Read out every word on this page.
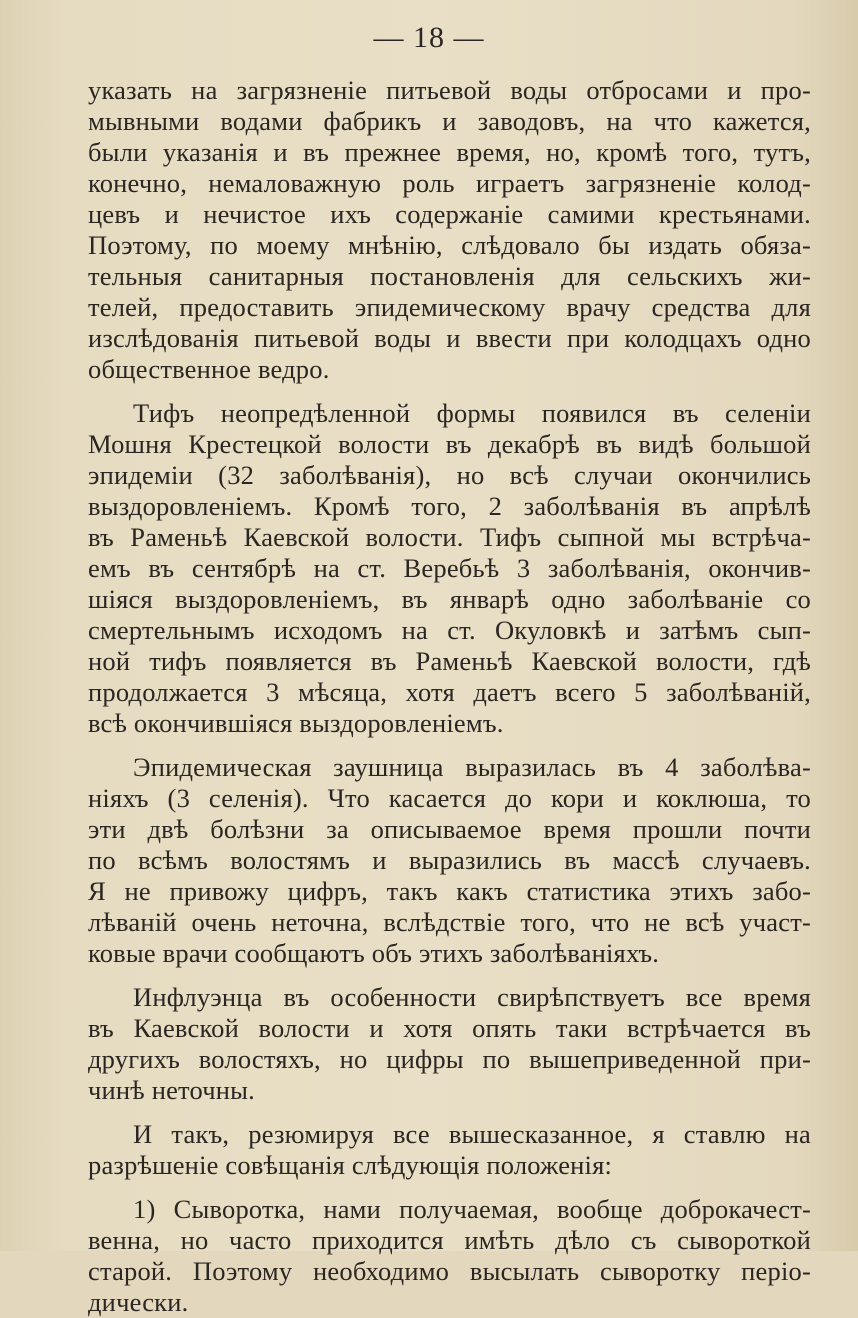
— 18 —
указать на загрязненіе питьевой воды отбросами и про-
мывными водами фабрикъ и заводовъ, на что кажется,
были указанія и въ прежнее время, но, кромѣ того, тутъ,
конечно, немаловажную роль играетъ загрязненіе колод-
цевъ и нечистое ихъ содержаніе самими крестьянами.
Поэтому, по моему мнѣнію, слѣдовало бы издать обяза-
тельныя санитарныя постановленія для сельскихъ жи-
телей, предоставить эпидемическому врачу средства для
изслѣдованія питьевой воды и ввести при колодцахъ одно
общественное ведро.
Тифъ неопредѣленной формы появился въ селеніи
Мошня Крестецкой волости въ декабрѣ въ видѣ большой
эпидеміи (32 заболѣванія), но всѣ случаи окончились
выздоровленіемъ. Кромѣ того, 2 заболѣванія въ апрѣлѣ
въ Раменьѣ Каевской волости. Тифъ сыпной мы встрѣча-
емъ въ сентябрѣ на ст. Веребьѣ 3 заболѣванія, окончив-
шіяся выздоровленіемъ, въ январѣ одно заболѣваніе со
смертельнымъ исходомъ на ст. Окуловкѣ и затѣмъ сып-
ной тифъ появляется въ Раменьѣ Каевской волости, гдѣ
продолжается 3 мѣсяца, хотя даетъ всего 5 заболѣваній,
всѣ окончившіяся выздоровленіемъ.
Эпидемическая заушница выразилась въ 4 заболѣва-
ніяхъ (3 селенія). Что касается до кори и коклюша, то
эти двѣ болѣзни за описываемое время прошли почти
по всѣмъ волостямъ и выразились въ массѣ случаевъ.
Я не привожу цифръ, такъ какъ статистика этихъ забо-
лѣваній очень неточна, вслѣдствіе того, что не всѣ участ-
ковые врачи сообщаютъ объ этихъ заболѣваніяхъ.
Инфлуэнца въ особенности свирѣпствуетъ все время
въ Каевской волости и хотя опять таки встрѣчается въ
другихъ волостяхъ, но цифры по вышеприведенной при-
чинѣ неточны.
И такъ, резюмируя все вышесказанное, я ставлю на
разрѣшеніе совѣщанія слѣдующія положенія:
1) Сыворотка, нами получаемая, вообще доброкачест-
венна, но часто приходится имѣть дѣло съ сывороткой
старой. Поэтому необходимо высылать сыворотку періо-
дически.
